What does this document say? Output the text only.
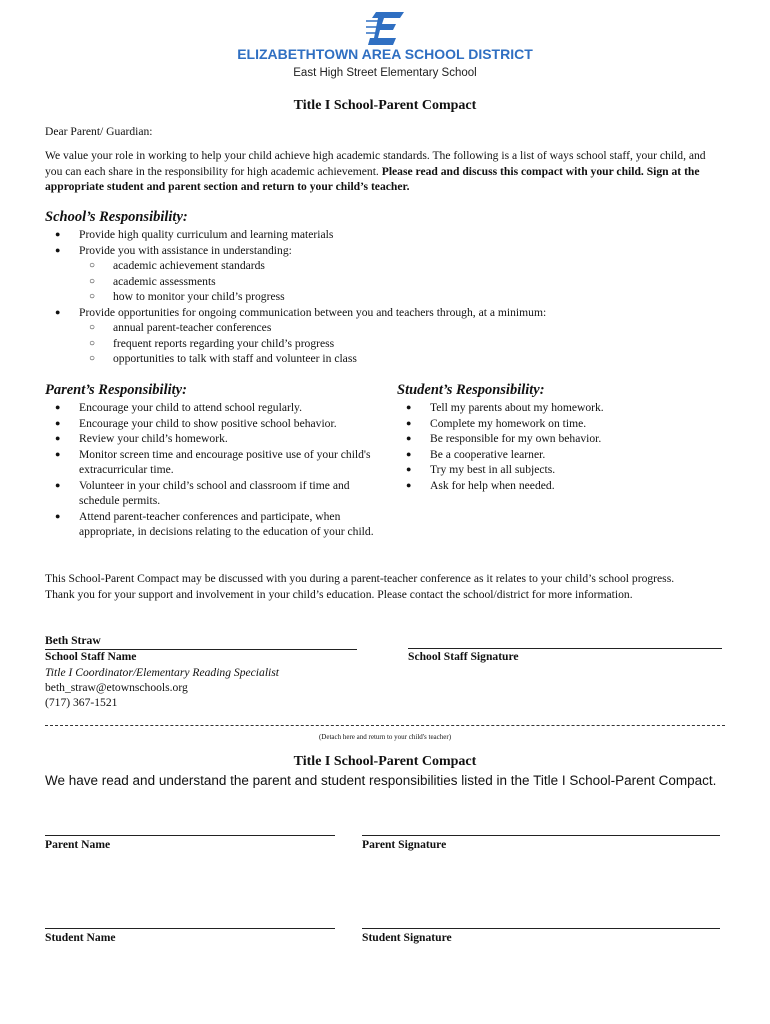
ELIZABETHTOWN AREA SCHOOL DISTRICT
East High Street Elementary School
Title I School-Parent Compact
Dear Parent/ Guardian:
We value your role in working to help your child achieve high academic standards. The following is a list of ways school staff, your child, and you can each share in the responsibility for high academic achievement. Please read and discuss this compact with your child. Sign at the appropriate student and parent section and return to your child’s teacher.
School’s Responsibility:
● Provide high quality curriculum and learning materials
● Provide you with assistance in understanding:
○ academic achievement standards
○ academic assessments
○ how to monitor your child’s progress
● Provide opportunities for ongoing communication between you and teachers through, at a minimum:
○ annual parent-teacher conferences
○ frequent reports regarding your child’s progress
○ opportunities to talk with staff and volunteer in class
Parent’s Responsibility:
● Encourage your child to attend school regularly.
● Encourage your child to show positive school behavior.
● Review your child’s homework.
● Monitor screen time and encourage positive use of your child's extracurricular time.
● Volunteer in your child’s school and classroom if time and schedule permits.
● Attend parent-teacher conferences and participate, when appropriate, in decisions relating to the education of your child.
Student’s Responsibility:
● Tell my parents about my homework.
● Complete my homework on time.
● Be responsible for my own behavior.
● Be a cooperative learner.
● Try my best in all subjects.
● Ask for help when needed.
This School-Parent Compact may be discussed with you during a parent-teacher conference as it relates to your child’s school progress. Thank you for your support and involvement in your child’s education. Please contact the school/district for more information.
Beth Straw
School Staff Name
Title I Coordinator/Elementary Reading Specialist
beth_straw@etownschools.org
(717) 367-1521
School Staff Signature
(Detach here and return to your child's teacher)
Title I School-Parent Compact
We have read and understand the parent and student responsibilities listed in the Title I School-Parent Compact.
Parent Name	Parent Signature
Student Name	Student Signature
